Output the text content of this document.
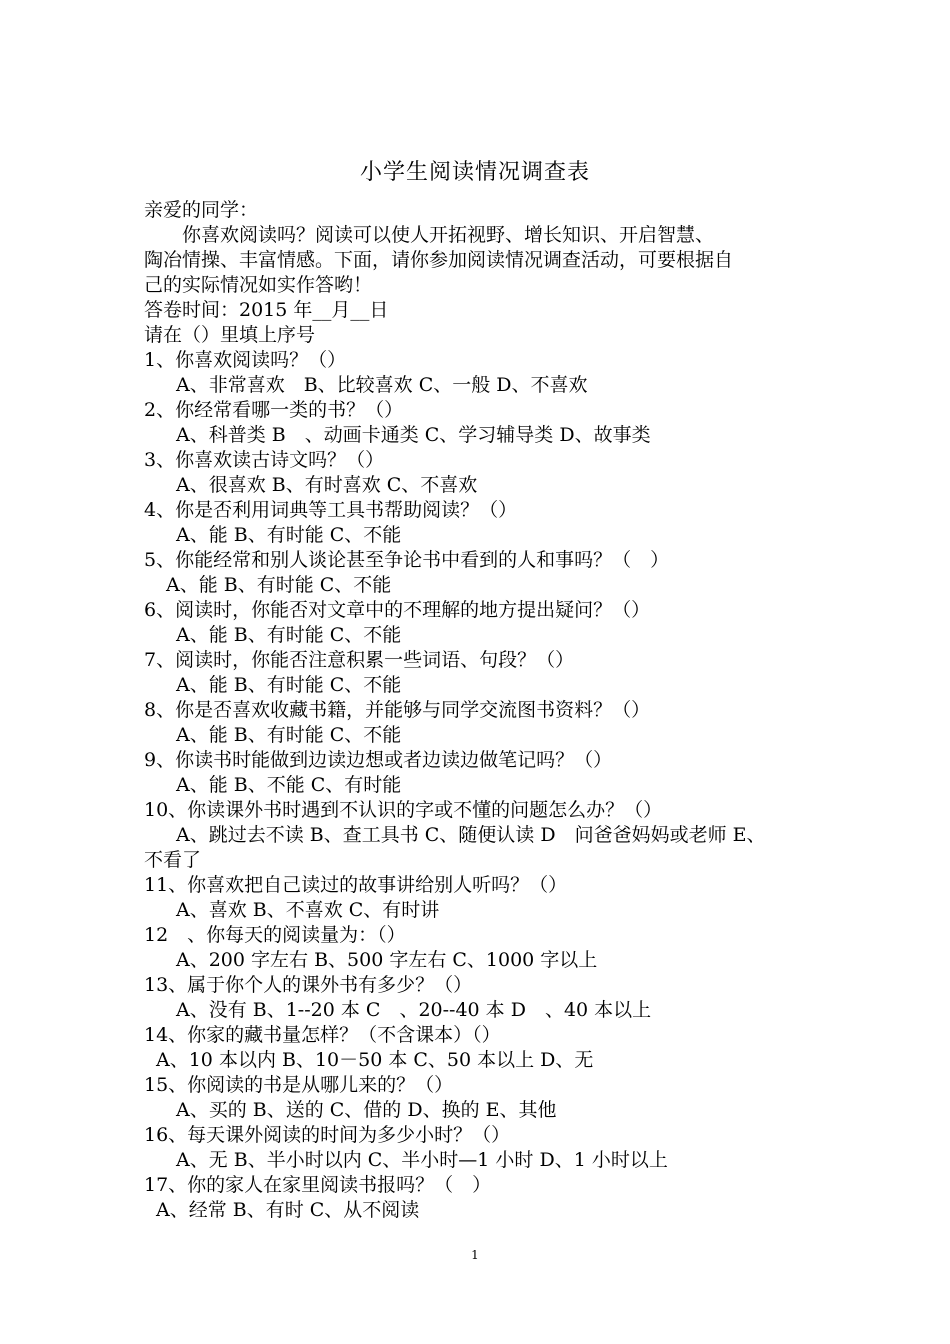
小学生阅读情况调查表
亲爱的同学：
你喜欢阅读吗？阅读可以使人开拓视野、增长知识、开启智慧、
陶冶情操、丰富情感。下面，请你参加阅读情况调查活动，可要根据自
己的实际情况如实作答哟！
答卷时间：2015 年__月__日
请在（）里填上序号
1、你喜欢阅读吗？（）
A、非常喜欢　B、比较喜欢 C、一般 D、不喜欢
2、你经常看哪一类的书？（）
A、科普类 B　、动画卡通类 C、学习辅导类 D、故事类
3、你喜欢读古诗文吗？（）
A、很喜欢 B、有时喜欢 C、不喜欢
4、你是否利用词典等工具书帮助阅读？（）
A、能 B、有时能 C、不能
5、你能经常和别人谈论甚至争论书中看到的人和事吗？（　）
A、能 B、有时能 C、不能
6、阅读时，你能否对文章中的不理解的地方提出疑问？（）
A、能 B、有时能 C、不能
7、阅读时，你能否注意积累一些词语、句段？（）
A、能 B、有时能 C、不能
8、你是否喜欢收藏书籍，并能够与同学交流图书资料？（）
A、能 B、有时能 C、不能
9、你读书时能做到边读边想或者边读边做笔记吗？（）
A、能 B、不能 C、有时能
10、你读课外书时遇到不认识的字或不懂的问题怎么办？（）
A、跳过去不读 B、查工具书 C、随便认读 D　问爸爸妈妈或老师 E、
不看了
11、你喜欢把自己读过的故事讲给别人听吗？（）
A、喜欢 B、不喜欢 C、有时讲
12　、你每天的阅读量为：（）
A、200 字左右 B、500 字左右 C、1000 字以上
13、属于你个人的课外书有多少？（）
A、没有 B、1--20 本 C　、20--40 本 D　、40 本以上
14、你家的藏书量怎样？（不含课本）（）
A、10 本以内 B、10－50 本 C、50 本以上 D、无
15、你阅读的书是从哪儿来的？（）
A、买的 B、送的 C、借的 D、换的 E、其他
16、每天课外阅读的时间为多少小时？（）
A、无 B、半小时以内 C、半小时—1 小时 D、1 小时以上
17、你的家人在家里阅读书报吗？（　）
A、经常 B、有时 C、从不阅读
1
